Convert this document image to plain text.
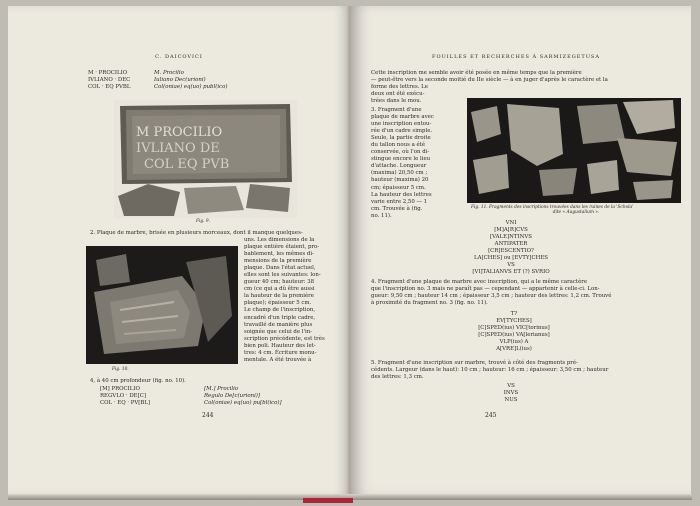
C. DAICOVICI
M · PROCILIO
IVLIANO · DEC
COL · EQ PVBL
M. Procilio
Iuliano Dec(urioni)
Col(oniae) eq(uo) publ(ico)
M PROCILIO
IVLIANO DE
COL EQ PVB
Fig. 9.
2. Plaque de marbre, brisée en plusieurs morceaux, dont il manque quelques-
uns. Les dimensions de la
plaque entière étaient, pro-
bablement, les mêmes di-
mensions de la première
plaque. Dans l'état actuel,
elles sont les suivantes: lon-
gueur 40 cm; hauteur: 38
cm (ce qui a dû être aussi
la hauteur de la première
plaque); épaisseur 5 cm.
Le champ de l'inscription,
encadré d'un triple cadre,
travaillé de manière plus
soignée que celui de l'in-
scription précédente, est très
bien poli. Hauteur des let-
tres: 4 cm. Écriture monu-
mentale. A été trouvée à
Fig. 10.
4, à 40 cm profondeur (fig. no. 10).
[M] PROCILIO
REGVLO · DE[C]
COL · EQ · PV[BL]
[M.] Procilio
Regulo De[c(urioni)]
Col(oniae) eq(uo) pu[bl(ico)]
244
FOUILLES ET RECHERCHES À SARMIZEGETUSA
Cette inscription me semble avoir été posée en même temps que la première
— peut-être vers la seconde moitié du IIe siècle — à en juger d'après le caractère et la
forme des lettres. Le
deux ont été exécu-
trées dans le mou.
3. Fragment d'une
plaque de marbre avec
une inscription entou-
rée d'un cadre simple.
Seule, la partie droite
du tallon nous a été
conservée, où l'on di-
stingue encore le lieu
d'attache. Longueur
(maxima) 20,50 cm ;
hauteur (maxima) 20
cm; épaisseur 5 cm.
La hauteur des lettres
varie entre 2,50 — 1
cm. Trouvée à (fig.
no. 11).
Fig. 11. Fragments des inscriptions trouvées dans les ruines de la 'Schola'
dite « Augustalium ».
VNI
[M]A[R]CVS
[VALE]NTINVS
ANTIPATER
[CR]ESCENTIO?
LA[CHES] ou [EVTY]CHES
VS
[VI]TALIANVS ET (?) SVRIO
4. Fragment d'une plaque de marbre avec inscription, qui a le même caractère
que l'inscription no. 3 mais ne paraît pas — cependant — appartenir à celle-ci. Lon-
gueur: 9,50 cm ; hauteur 14 cm ; épaisseur 3,5 cm ; hauteur des lettres: 1,2 cm. Trouvé
à proximité du fragment no. 3 (fig. no. 11).
T?
EV[TYCHES]
[C]SPED(ius) VIC[torinus]
[C]SPED(ius) VA[lerianus]
VLP(ius) A
A[VRE]L(ius)
5. Fragment d'une inscription sur marbre, trouvé à côté des fragments pré-
cédents. Largeur (dans le haut): 10 cm ; hauteur: 16 cm ; épaisseur: 3,50 cm ; hauteur
des lettres: 1,3 cm.
VS
INVS
NUS
245
